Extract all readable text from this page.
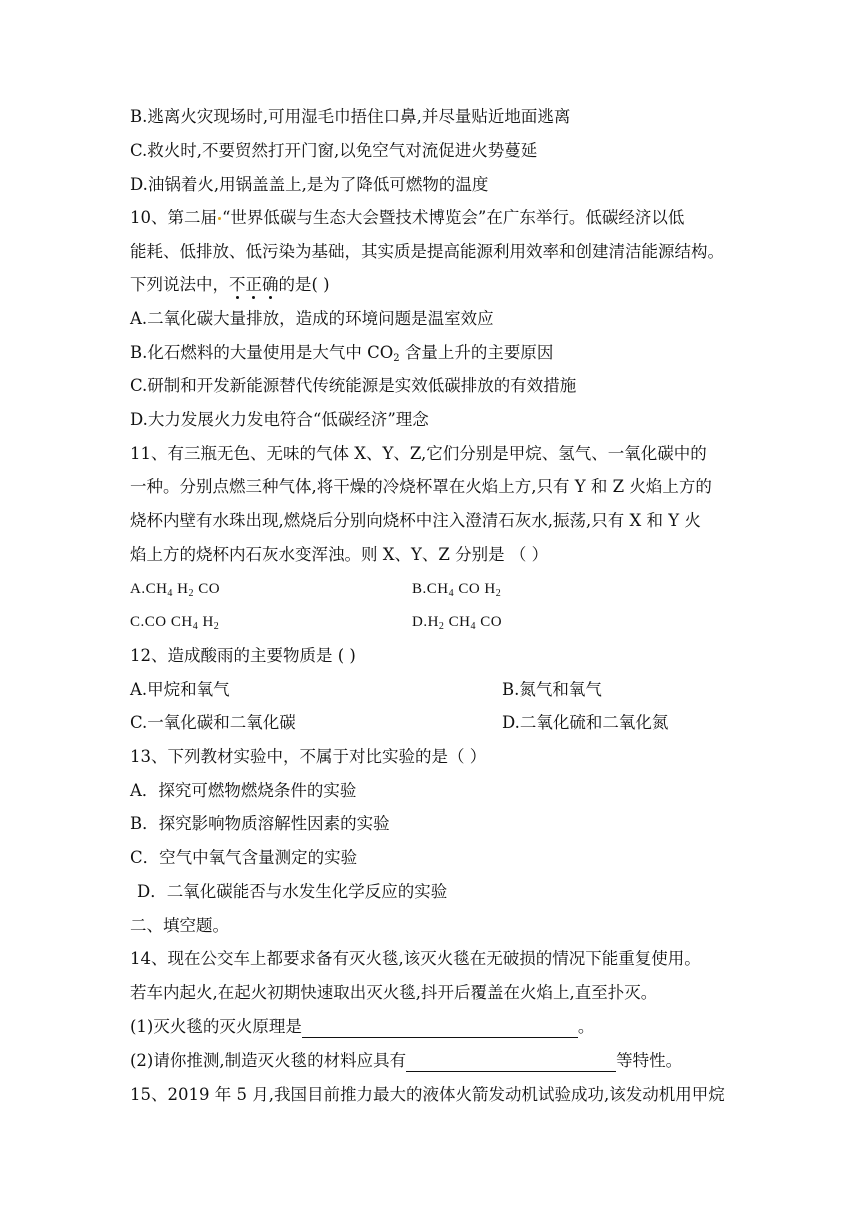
B.逃离火灾现场时,可用湿毛巾捂住口鼻,并尽量贴近地面逃离
C.救火时,不要贸然打开门窗,以免空气对流促进火势蔓延
D.油锅着火,用锅盖盖上,是为了降低可燃物的温度
10、第二届 “世界低碳与生态大会暨技术博览会”在广东举行。低碳经济以低
能耗、低排放、低污染为基础，其实质是提高能源利用效率和创建清洁能源结构。
下列说法中，不正确的是( )
A.二氧化碳大量排放，造成的环境问题是温室效应
B.化石燃料的大量使用是大气中 $CO_2$ 含量上升的主要原因
C.研制和开发新能源替代传统能源是实效低碳排放的有效措施
D.大力发展火力发电符合“低碳经济”理念
11、有三瓶无色、无味的气体 X、Y、Z,它们分别是甲烷、氢气、一氧化碳中的
一种。分别点燃三种气体,将干燥的冷烧杯罩在火焰上方,只有 Y 和 Z 火焰上方的
烧杯内壁有水珠出现,燃烧后分别向烧杯中注入澄清石灰水,振荡,只有 X 和 Y 火
焰上方的烧杯内石灰水变浑浊。则 X、Y、Z 分别是 （ ）
$A.CH_4$ $H_2$ CO	$B.CH_4$ CO $H_2$
C.CO $CH_4$ $H_2$	$D.H_2$ $CH_4$ CO
12、造成酸雨的主要物质是 ( )
A.甲烷和氧气	B.氮气和氧气
C.一氧化碳和二氧化碳	D.二氧化硫和二氧化氮
13、下列教材实验中，不属于对比实验的是（ ）
A．探究可燃物燃烧条件的实验
B．探究影响物质溶解性因素的实验
C．空气中氧气含量测定的实验
D．二氧化碳能否与水发生化学反应的实验
二、填空题。
14、现在公交车上都要求备有灭火毯,该灭火毯在无破损的情况下能重复使用。
若车内起火,在起火初期快速取出灭火毯,抖开后覆盖在火焰上,直至扑灭。
(1)灭火毯的灭火原理是	。
(2)请你推测,制造灭火毯的材料应具有	等特性。
15、2019 年 5 月,我国目前推力最大的液体火箭发动机试验成功,该发动机用甲烷
